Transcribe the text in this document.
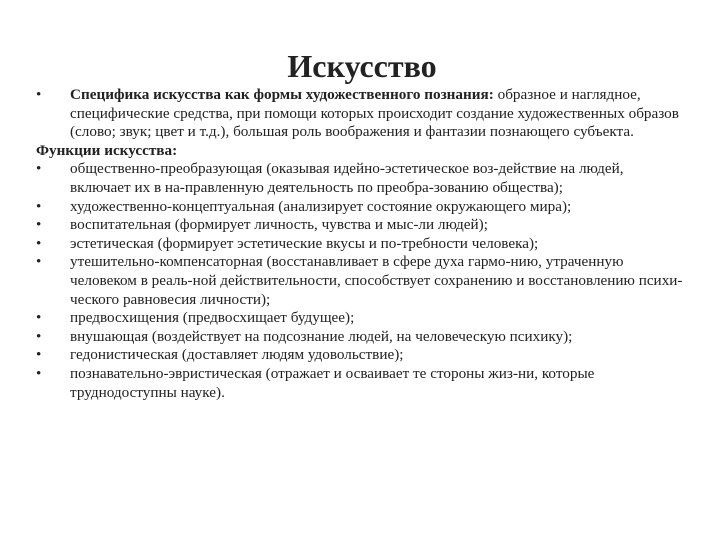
Искусство
• Специфика искусства как формы художественного познания: образное и наглядное, специфические средства, при помощи которых происходит создание художественных образов (слово; звук; цвет и т.д.), большая роль воображения и фантазии познающего субъекта.
Функции искусства:
• общественно-преобразующая (оказывая идейно-эстетическое воз-действие на людей, включает их в на-правленную деятельность по преобра-зованию общества);
• художественно-концептуальная (анализирует состояние окружающего мира);
• воспитательная (формирует личность, чувства и мыс-ли людей);
• эстетическая (формирует эстетические вкусы и по-требности человека);
• утешительно-компенсаторная (восстанавливает в сфере духа гармо-нию, утраченную человеком в реаль-ной действительности, способствует сохранению и восстановлению психи-ческого равновесия личности);
• предвосхищения (предвосхищает будущее);
• внушающая (воздействует на подсознание людей, на человеческую психику);
• гедонистическая (доставляет людям удовольствие);
• познавательно-эвристическая (отражает и осваивает те стороны жиз-ни, которые труднодоступны науке).
